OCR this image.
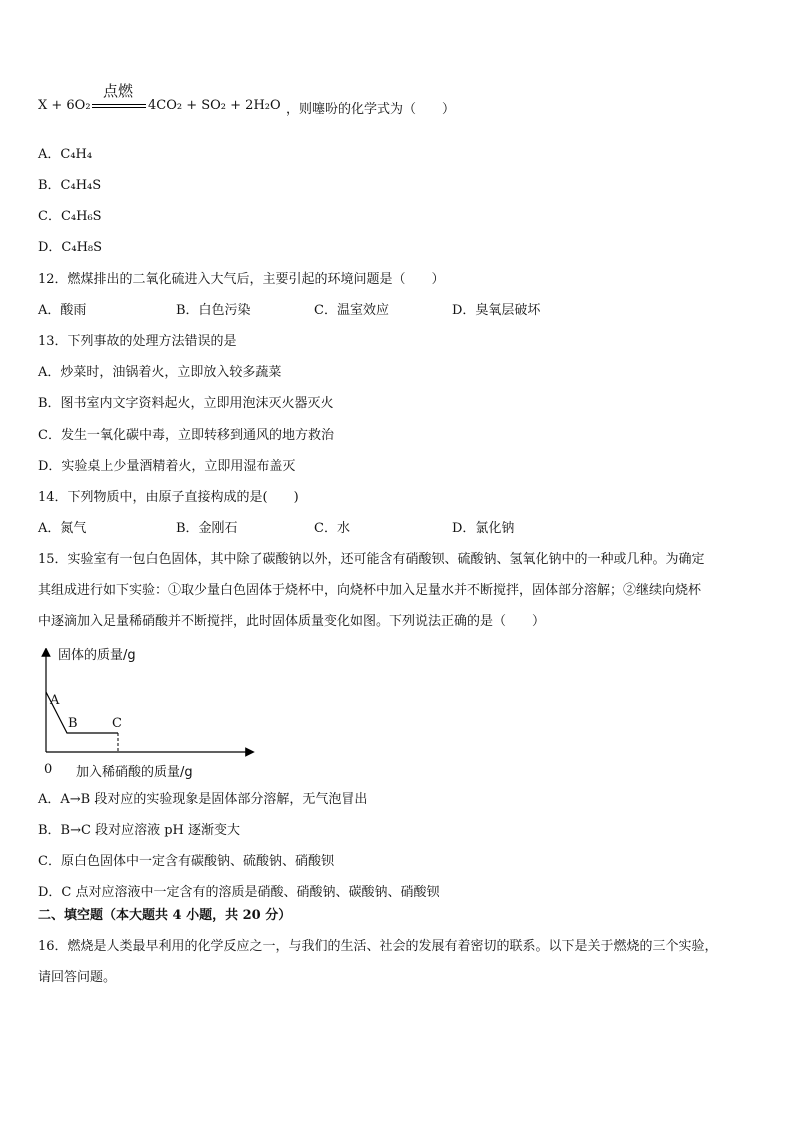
X + 6O₂
点燃
4CO₂ + SO₂ + 2H₂O ，则噻吩的化学式为（　　）
A．C₄H₄
B．C₄H₄S
C．C₄H₆S
D．C₄H₈S
12．燃煤排出的二氧化硫进入大气后，主要引起的环境问题是（　　）
A．酸雨	B．白色污染	C．温室效应	D．臭氧层破坏
13．下列事故的处理方法错误的是
A．炒菜时，油锅着火，立即放入较多蔬菜
B．图书室内文字资料起火，立即用泡沫灭火器灭火
C．发生一氧化碳中毒，立即转移到通风的地方救治
D．实验桌上少量酒精着火，立即用湿布盖灭
14．下列物质中，由原子直接构成的是(　　)
A．氮气	B．金刚石	C．水	D．氯化钠
15．实验室有一包白色固体，其中除了碳酸钠以外，还可能含有硝酸钡、硫酸钠、氢氧化钠中的一种或几种。为确定
其组成进行如下实验：①取少量白色固体于烧杯中，向烧杯中加入足量水并不断搅拌，固体部分溶解；②继续向烧杯
中逐滴加入足量稀硝酸并不断搅拌，此时固体质量变化如图。下列说法正确的是（　　）
固体的质量/g
A
B	C
0 加入稀硝酸的质量/g
A．A→B 段对应的实验现象是固体部分溶解，无气泡冒出
B．B→C 段对应溶液 pH 逐渐变大
C．原白色固体中一定含有碳酸钠、硫酸钠、硝酸钡
D．C 点对应溶液中一定含有的溶质是硝酸、硝酸钠、碳酸钠、硝酸钡
二、填空题（本大题共 4 小题，共 20 分）
16．燃烧是人类最早利用的化学反应之一，与我们的生活、社会的发展有着密切的联系。以下是关于燃烧的三个实验，
请回答问题。
